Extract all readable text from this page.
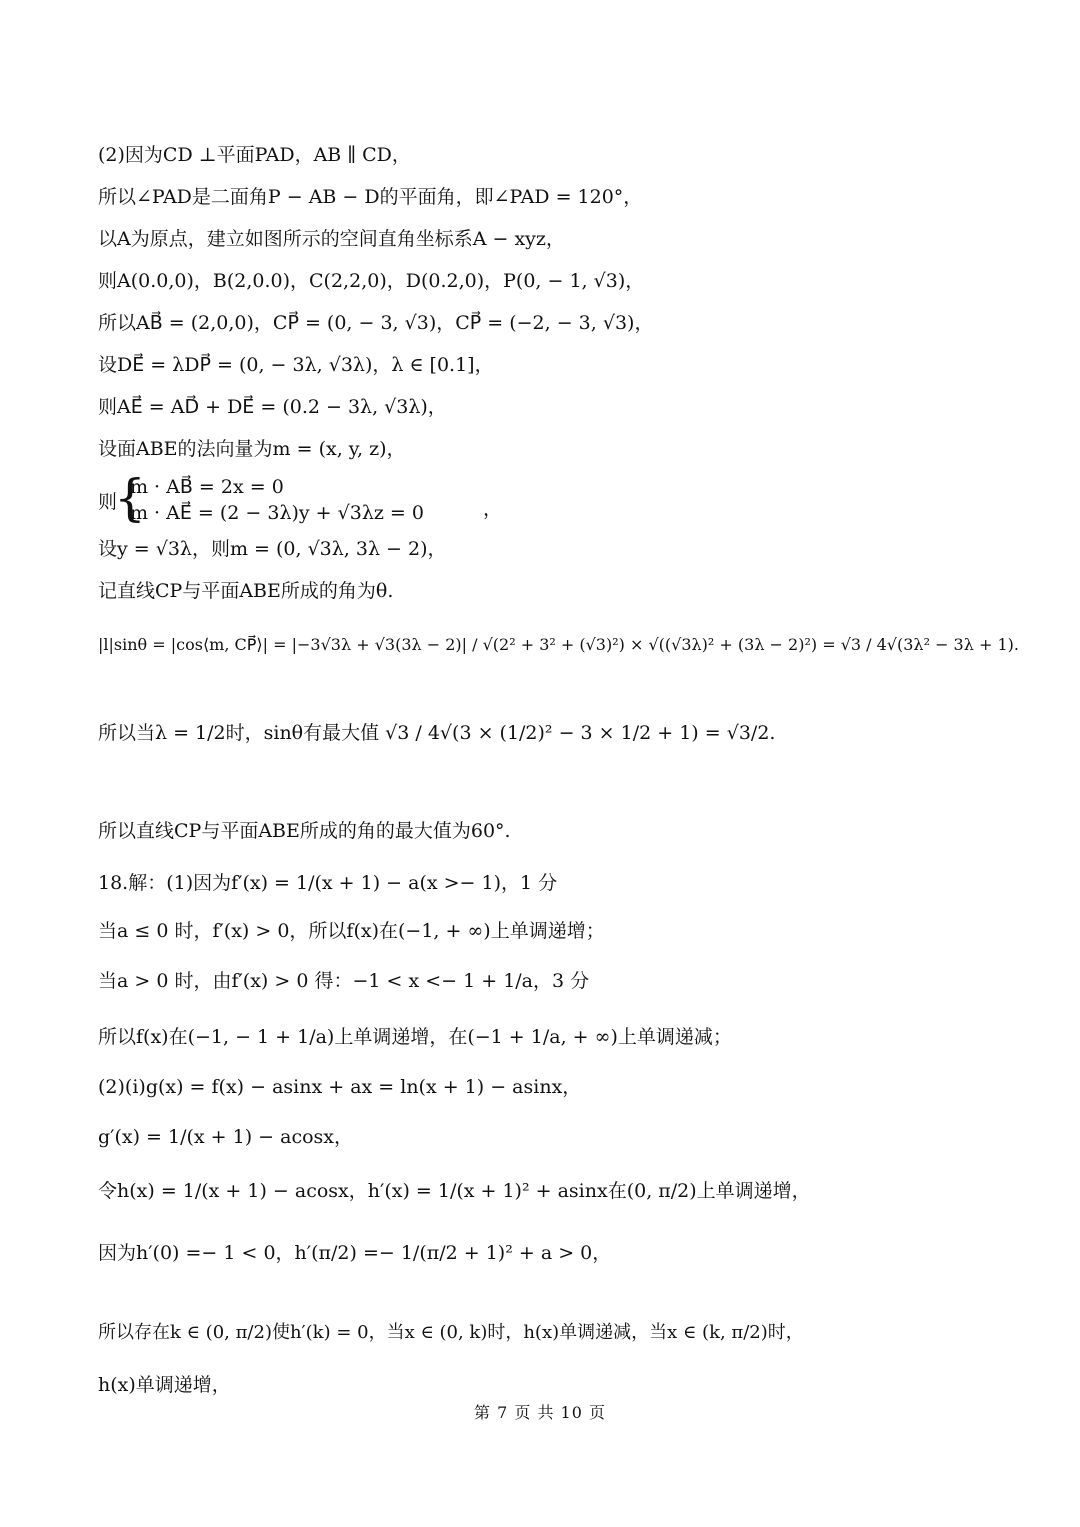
(2)因为CD ⊥平面PAD，AB ∥ CD，
所以∠PAD是二面角P − AB − D的平面角，即∠PAD = 120°，
以A为原点，建立如图所示的空间直角坐标系A − xyz，
则A(0.0,0)，B(2,0.0)，C(2,2,0)，D(0.2,0)，P(0, − 1, √3)，
所以AB⃗ = (2,0,0)，CP⃗ = (0, − 3, √3)，CP⃗ = (−2, − 3, √3)，
设DE⃗ = λDP⃗ = (0, − 3λ, √3λ)，λ ∈ [0.1]，
则AE⃗ = AD⃗ + DE⃗ = (0.2 − 3λ, √3λ)，
设面ABE的法向量为m = (x, y, z)，
则
{
m · AB⃗ = 2x = 0
m · AE⃗ = (2 − 3λ)y + √3λz = 0	，
设y = √3λ，则m = (0, √3λ, 3λ − 2)，
记直线CP与平面ABE所成的角为θ.
|l|sinθ = |cos⟨m, CP⃗⟩| = |−3√3λ + √3(3λ − 2)| / √(2² + 3² + (√3)²) × √((√3λ)² + (3λ − 2)²) = √3 / 4√(3λ² − 3λ + 1).
所以当λ = 1/2时，sinθ有最大值 √3 / 4√(3 × (1/2)² − 3 × 1/2 + 1) = √3/2.
所以直线CP与平面ABE所成的角的最大值为60°.
18.解：(1)因为f′(x) = 1/(x + 1) − a(x >− 1)，1 分
当a ≤ 0 时，f′(x) > 0，所以f(x)在(−1, + ∞)上单调递增；
当a > 0 时，由f′(x) > 0 得：−1 < x <− 1 + 1/a，3 分
所以f(x)在(−1, − 1 + 1/a)上单调递增，在(−1 + 1/a, + ∞)上单调递减；
(2)(i)g(x) = f(x) − asinx + ax = ln(x + 1) − asinx，
g′(x) = 1/(x + 1) − acosx，
令h(x) = 1/(x + 1) − acosx，h′(x) = 1/(x + 1)² + asinx在(0, π/2)上单调递增，
因为h′(0) =− 1 < 0，h′(π/2) =− 1/(π/2 + 1)² + a > 0，
所以存在k ∈ (0, π/2)使h′(k) = 0，当x ∈ (0, k)时，h(x)单调递减，当x ∈ (k, π/2)时，
h(x)单调递增，
第 7 页 共 10 页
